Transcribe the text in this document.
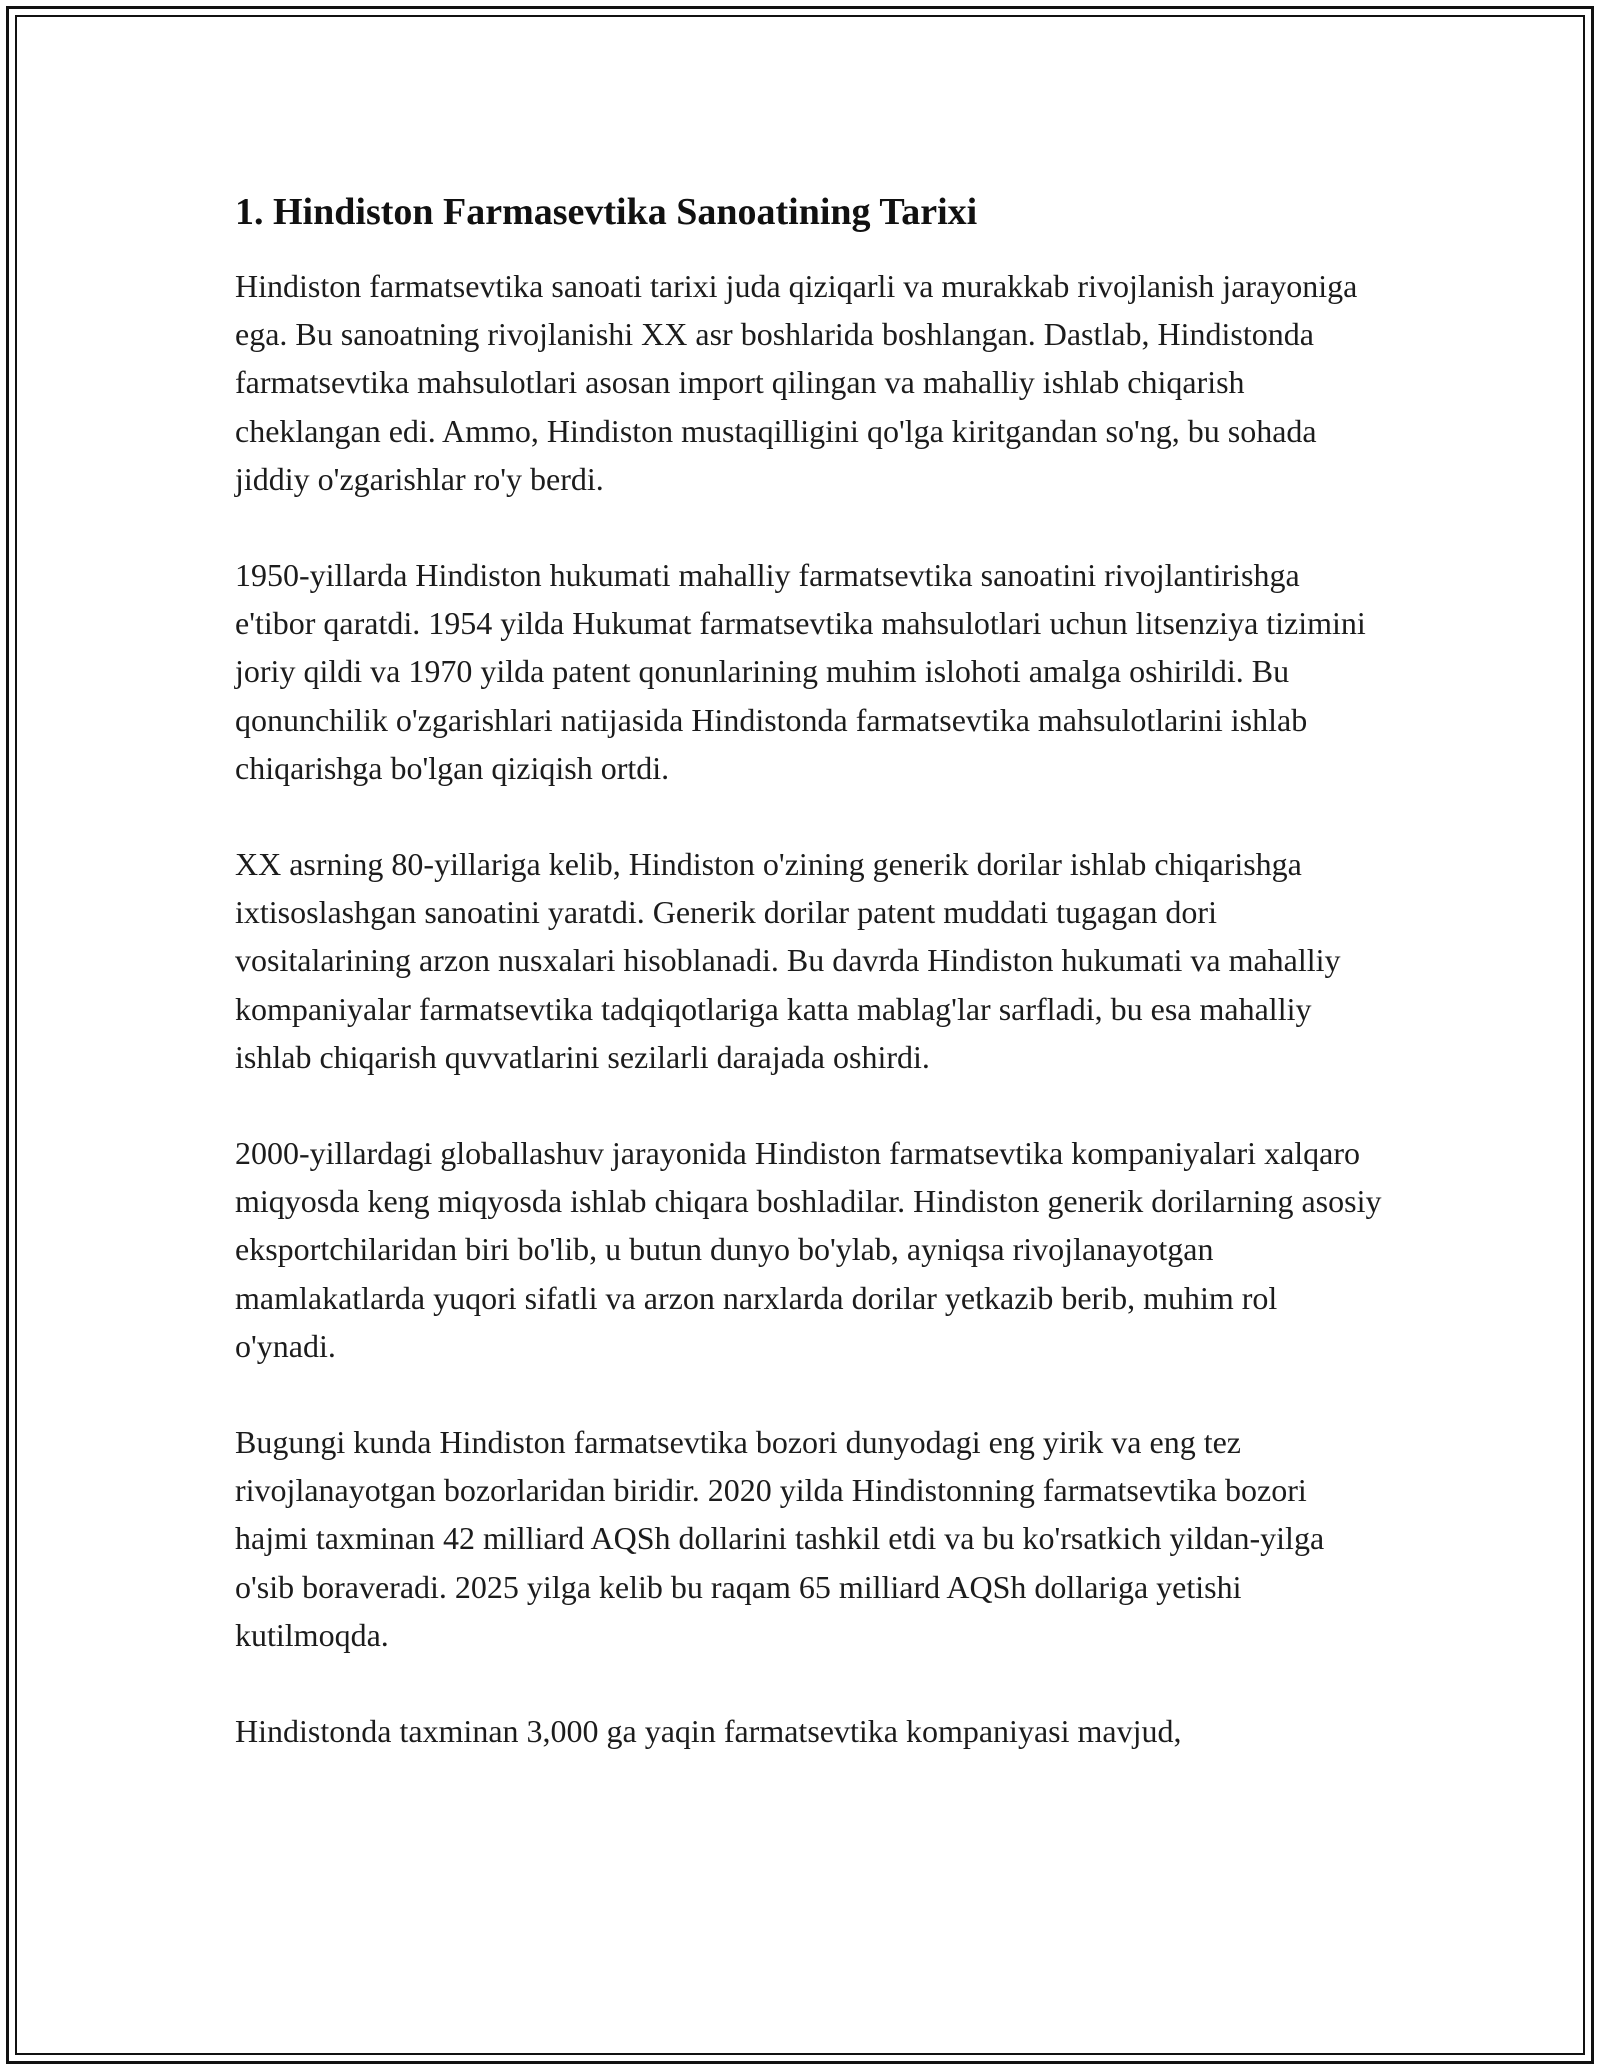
1. Hindiston Farmasevtika Sanoatining Tarixi

Hindiston farmatsevtika sanoati tarixi juda qiziqarli va murakkab rivojlanish jarayoniga ega. Bu sanoatning rivojlanishi XX asr boshlarida boshlangan. Dastlab, Hindistonda farmatsevtika mahsulotlari asosan import qilingan va mahalliy ishlab chiqarish cheklangan edi. Ammo, Hindiston mustaqilligini qo'lga kiritgandan so'ng, bu sohada jiddiy o'zgarishlar ro'y berdi.

1950-yillarda Hindiston hukumati mahalliy farmatsevtika sanoatini rivojlantirishga e'tibor qaratdi. 1954 yilda Hukumat farmatsevtika mahsulotlari uchun litsenziya tizimini joriy qildi va 1970 yilda patent qonunlarining muhim islohoti amalga oshirildi. Bu qonunchilik o'zgarishlari natijasida Hindistonda farmatsevtika mahsulotlarini ishlab chiqarishga bo'lgan qiziqish ortdi.

XX asrning 80-yillariga kelib, Hindiston o'zining generik dorilar ishlab chiqarishga ixtisoslashgan sanoatini yaratdi. Generik dorilar patent muddati tugagan dori vositalarining arzon nusxalari hisoblanadi. Bu davrda Hindiston hukumati va mahalliy kompaniyalar farmatsevtika tadqiqotlariga katta mablag'lar sarfladi, bu esa mahalliy ishlab chiqarish quvvatlarini sezilarli darajada oshirdi.

2000-yillardagi globallashuv jarayonida Hindiston farmatsevtika kompaniyalari xalqaro miqyosda keng miqyosda ishlab chiqara boshladilar. Hindiston generik dorilarning asosiy eksportchilaridan biri bo'lib, u butun dunyo bo'ylab, ayniqsa rivojlanayotgan mamlakatlarda yuqori sifatli va arzon narxlarda dorilar yetkazib berib, muhim rol o'ynadi.

Bugungi kunda Hindiston farmatsevtika bozori dunyodagi eng yirik va eng tez rivojlanayotgan bozorlaridan biridir. 2020 yilda Hindistonning farmatsevtika bozori hajmi taxminan 42 milliard AQSh dollarini tashkil etdi va bu ko'rsatkich yildan-yilga o'sib boraveradi. 2025 yilga kelib bu raqam 65 milliard AQSh dollariga yetishi kutilmoqda.

Hindistonda taxminan 3,000 ga yaqin farmatsevtika kompaniyasi mavjud,
